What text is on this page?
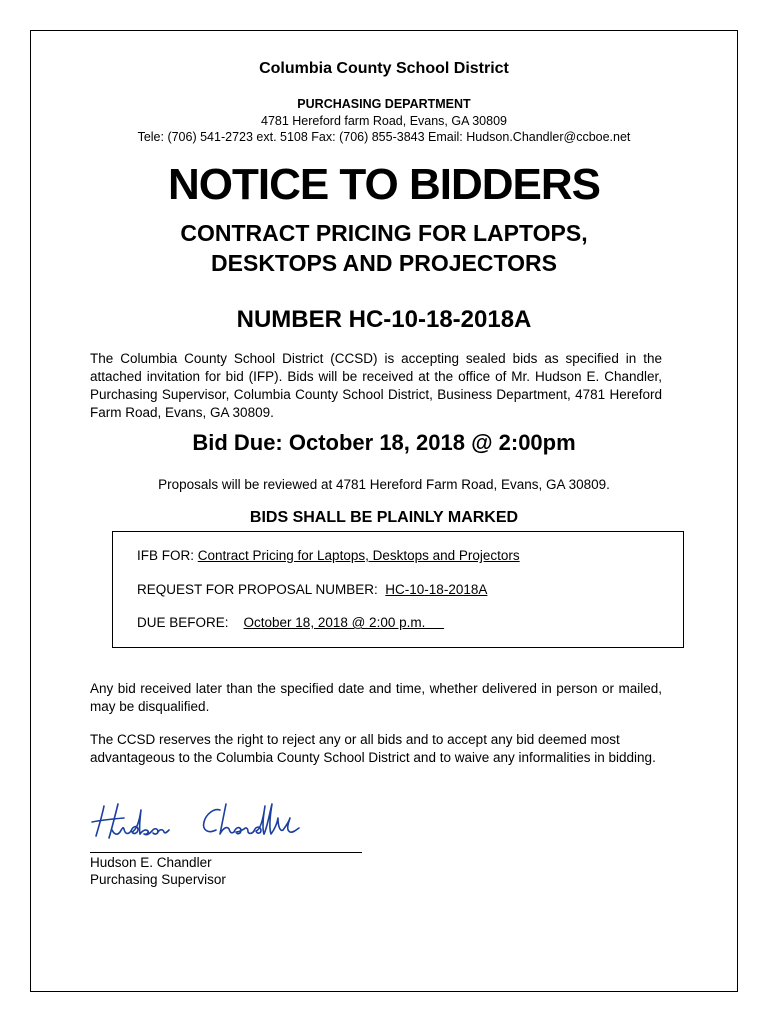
Columbia County School District
PURCHASING DEPARTMENT
4781 Hereford farm Road, Evans, GA 30809
Tele: (706) 541-2723 ext. 5108 Fax: (706) 855-3843 Email: Hudson.Chandler@ccboe.net
NOTICE TO BIDDERS
CONTRACT PRICING FOR LAPTOPS,
DESKTOPS AND PROJECTORS
NUMBER HC-10-18-2018A
The Columbia County School District (CCSD) is accepting sealed bids as specified in the attached invitation for bid (IFP). Bids will be received at the office of Mr. Hudson E. Chandler, Purchasing Supervisor, Columbia County School District, Business Department, 4781 Hereford Farm Road, Evans, GA 30809.
Bid Due: October 18, 2018 @ 2:00pm
Proposals will be reviewed at 4781 Hereford Farm Road, Evans, GA 30809.
BIDS SHALL BE PLAINLY MARKED
IFB FOR: Contract Pricing for Laptops, Desktops and Projectors
REQUEST FOR PROPOSAL NUMBER:  HC-10-18-2018A
DUE BEFORE:    October 18, 2018 @ 2:00 p.m.
Any bid received later than the specified date and time, whether delivered in person or mailed, may be disqualified.
The CCSD reserves the right to reject any or all bids and to accept any bid deemed most advantageous to the Columbia County School District and to waive any informalities in bidding.
Hudson E. Chandler
Purchasing Supervisor
